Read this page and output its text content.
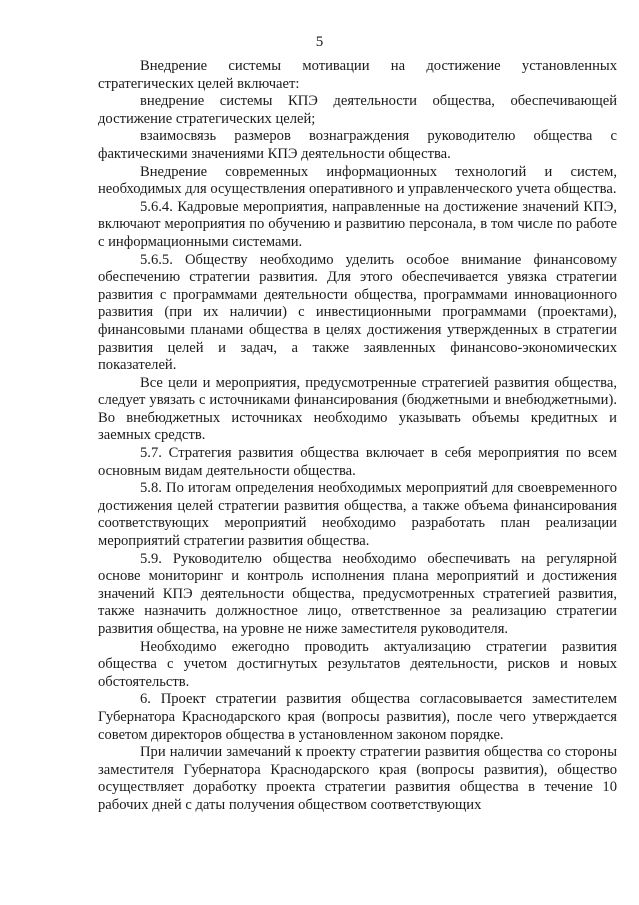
5

Внедрение системы мотивации на достижение установленных стратегических целей включает:

внедрение системы КПЭ деятельности общества, обеспечивающей достижение стратегических целей;

взаимосвязь размеров вознаграждения руководителю общества с фактическими значениями КПЭ деятельности общества.

Внедрение современных информационных технологий и систем, необходимых для осуществления оперативного и управленческого учета общества.

5.6.4. Кадровые мероприятия, направленные на достижение значений КПЭ, включают мероприятия по обучению и развитию персонала, в том числе по работе с информационными системами.

5.6.5. Обществу необходимо уделить особое внимание финансовому обеспечению стратегии развития. Для этого обеспечивается увязка стратегии развития с программами деятельности общества, программами инновационного развития (при их наличии) с инвестиционными программами (проектами), финансовыми планами общества в целях достижения утвержденных в стратегии развития целей и задач, а также заявленных финансово-экономических показателей.

Все цели и мероприятия, предусмотренные стратегией развития общества, следует увязать с источниками финансирования (бюджетными и внебюджетными). Во внебюджетных источниках необходимо указывать объемы кредитных и заемных средств.

5.7. Стратегия развития общества включает в себя мероприятия по всем основным видам деятельности общества.

5.8. По итогам определения необходимых мероприятий для своевременного достижения целей стратегии развития общества, а также объема финансирования соответствующих мероприятий необходимо разработать план реализации мероприятий стратегии развития общества.

5.9. Руководителю общества необходимо обеспечивать на регулярной основе мониторинг и контроль исполнения плана мероприятий и достижения значений КПЭ деятельности общества, предусмотренных стратегией развития, также назначить должностное лицо, ответственное за реализацию стратегии развития общества, на уровне не ниже заместителя руководителя.

Необходимо ежегодно проводить актуализацию стратегии развития общества с учетом достигнутых результатов деятельности, рисков и новых обстоятельств.

6. Проект стратегии развития общества согласовывается заместителем Губернатора Краснодарского края (вопросы развития), после чего утверждается советом директоров общества в установленном законом порядке.

При наличии замечаний к проекту стратегии развития общества со стороны заместителя Губернатора Краснодарского края (вопросы развития), общество осуществляет доработку проекта стратегии развития общества в течение 10 рабочих дней с даты получения обществом соответствующих
